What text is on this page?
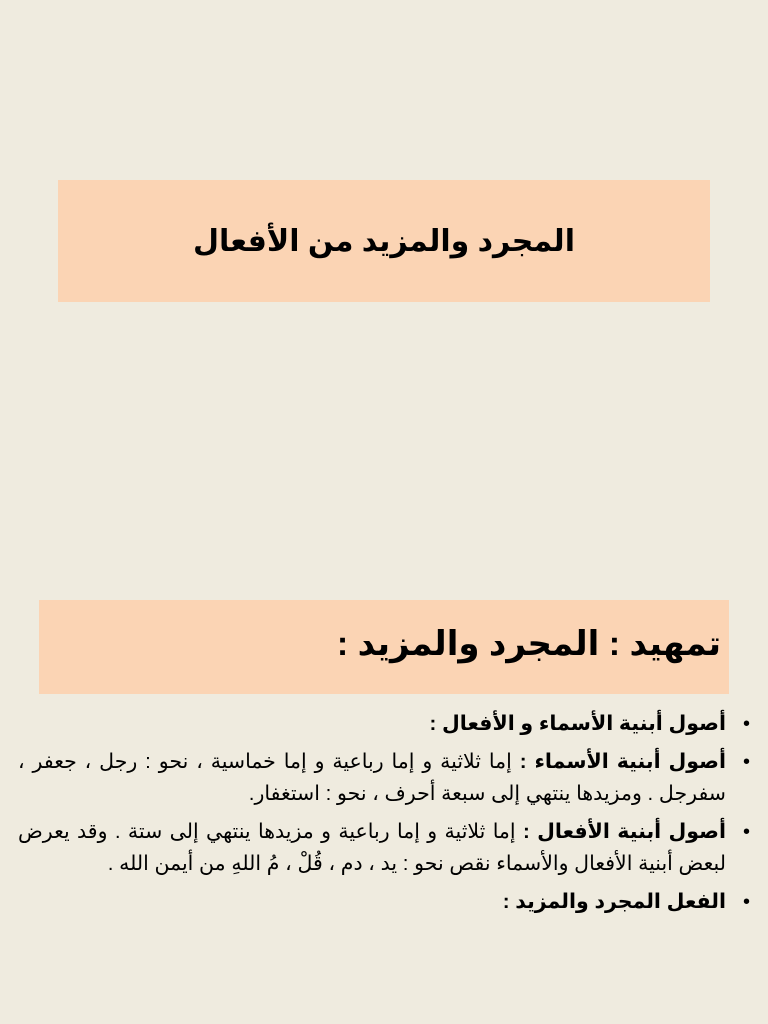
المجرد والمزيد من الأفعال
تمهيد : المجرد والمزيد :
• أصول أبنية الأسماء و الأفعال :
• أصول أبنية الأسماء : إما ثلاثية و إما رباعية و إما خماسية ، نحو : رجل ، جعفر ، سفرجل . ومزيدها ينتهي إلى سبعة أحرف ، نحو : استغفار.
• أصول أبنية الأفعال : إما ثلاثية و إما رباعية و مزيدها ينتهي إلى ستة . وقد يعرض لبعض أبنية الأفعال والأسماء نقص نحو : يد ، دم ، قُلْ ، مُ اللهِ من أيمن الله .
• الفعل المجرد والمزيد :
